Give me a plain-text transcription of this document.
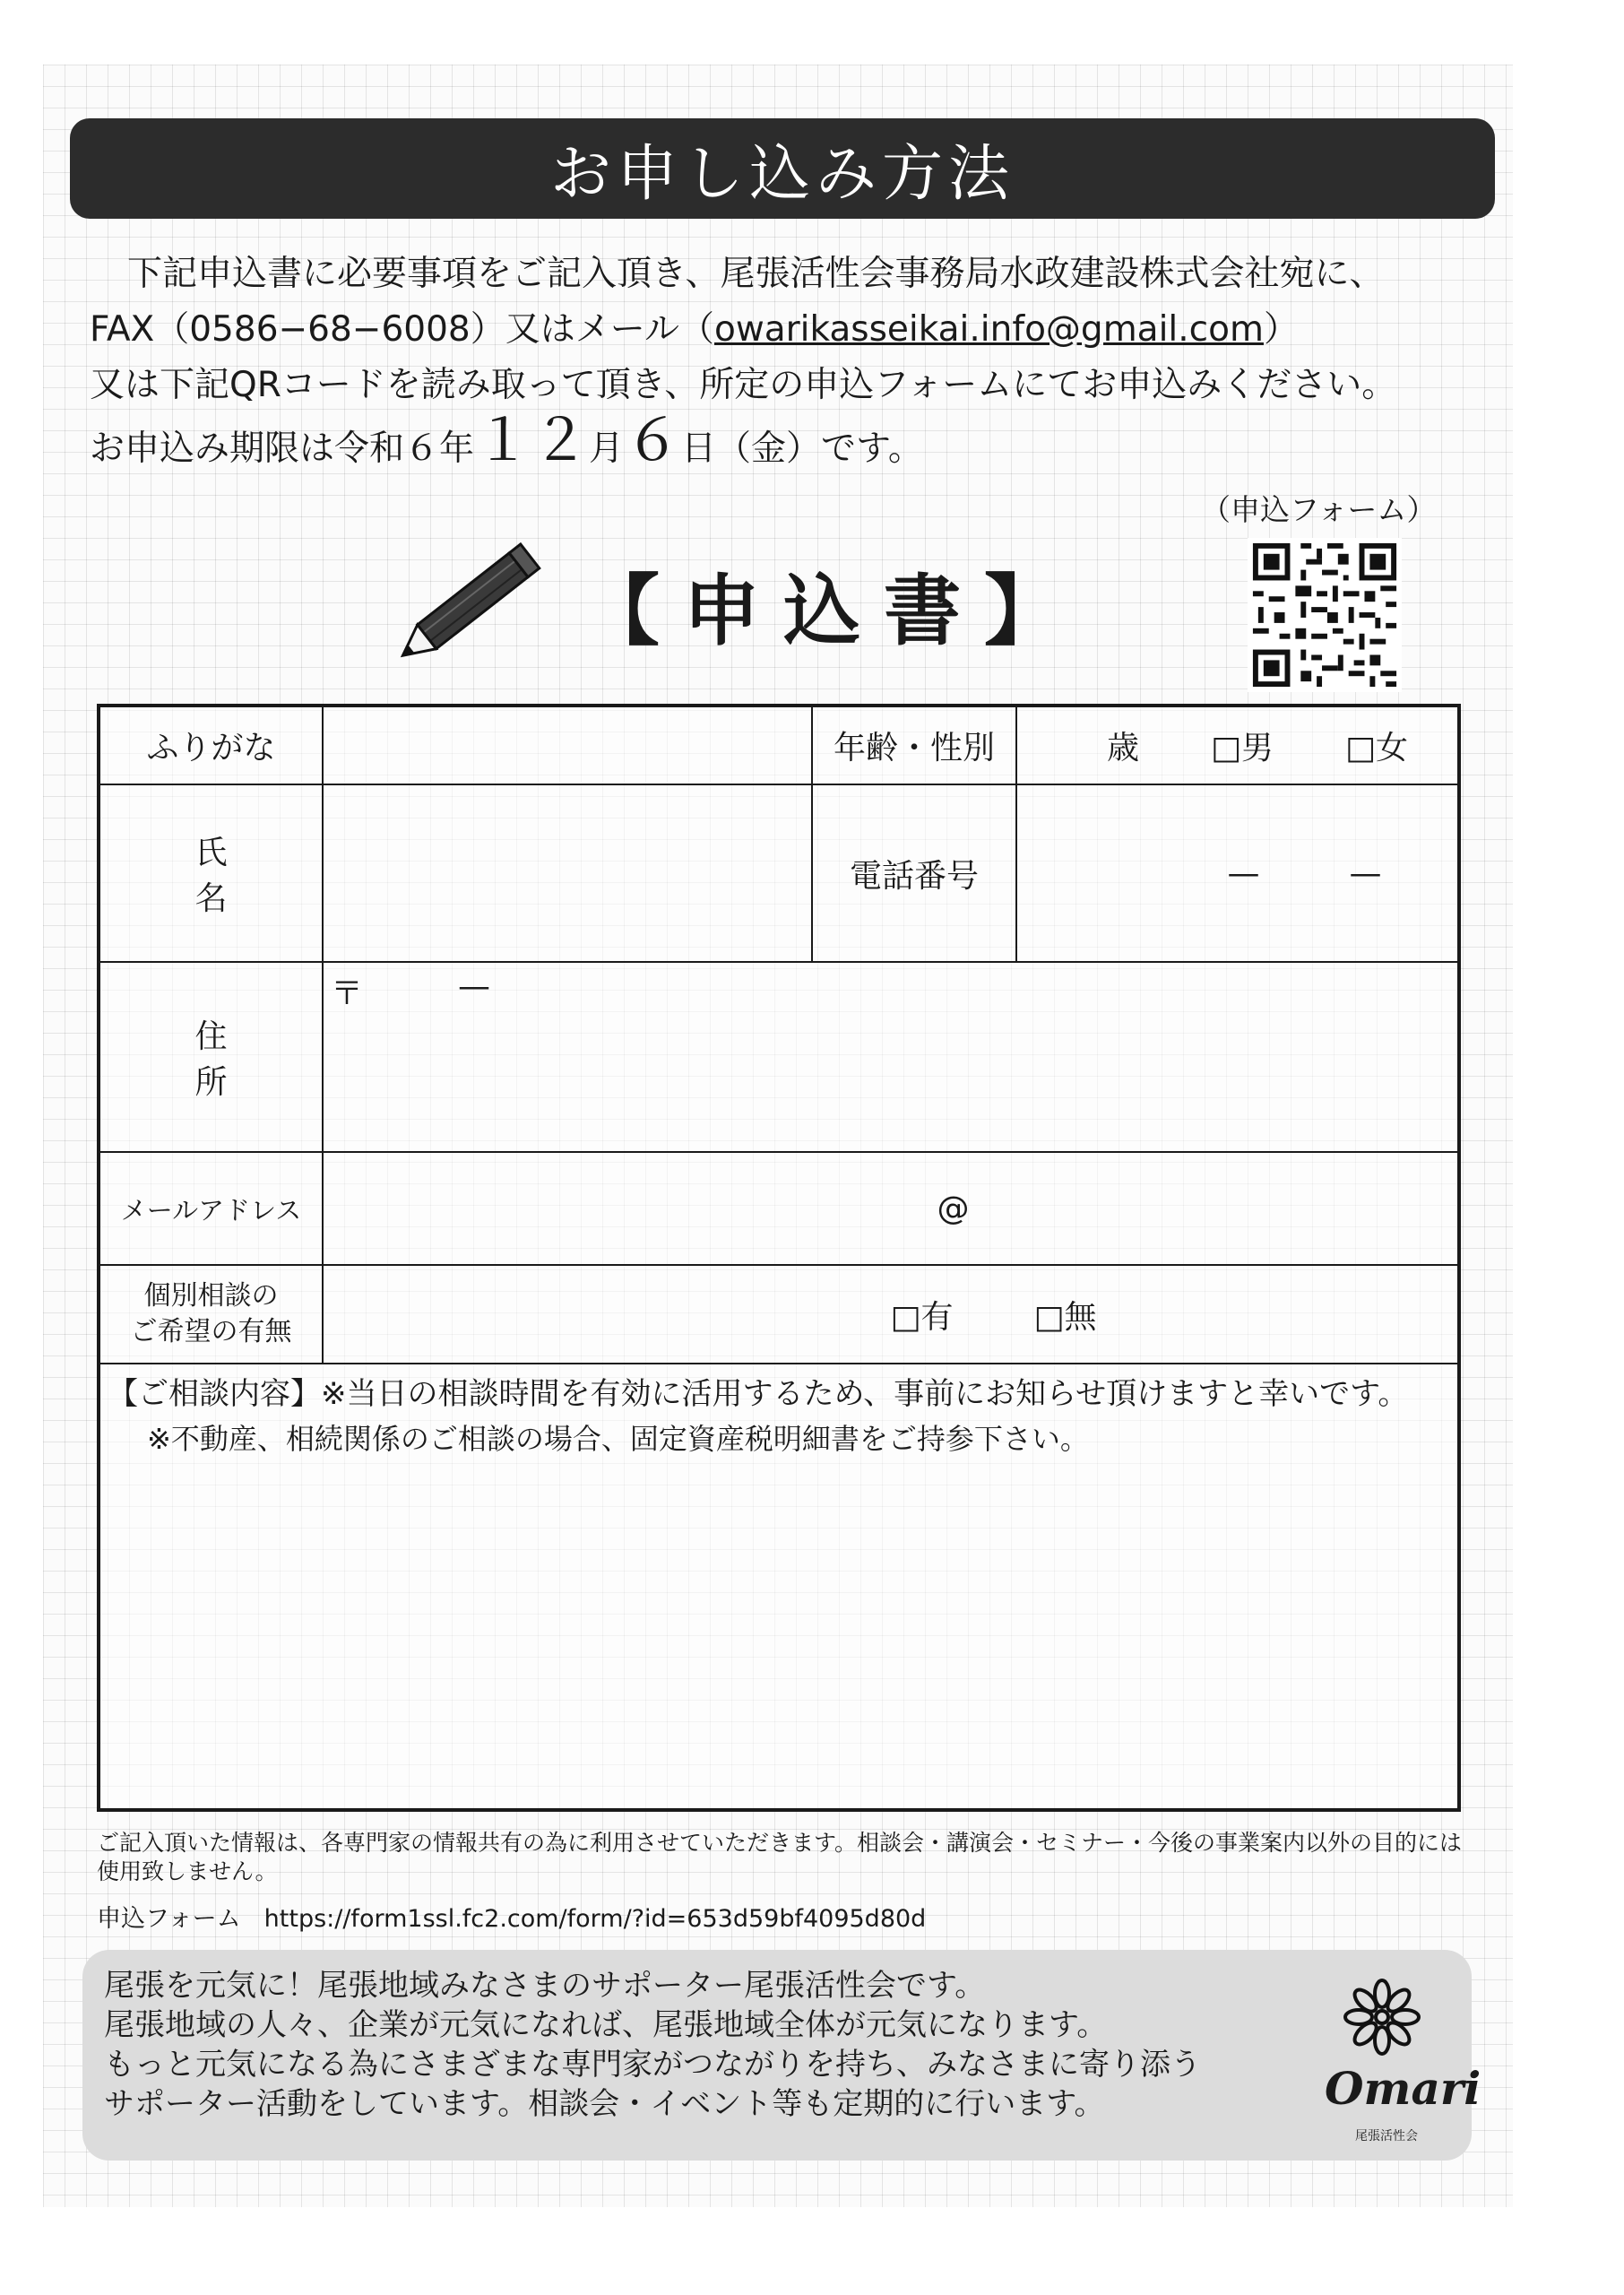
お申し込み方法
下記申込書に必要事項をご記入頂き、尾張活性会事務局水政建設株式会社宛に、
FAX（0586−68−6008）又はメール（owarikasseikai.info@gmail.com）
又は下記QRコードを読み取って頂き、所定の申込フォームにてお申込みください。
お申込み期限は令和６年１２月６日（金）です。
（申込フォーム）
【申込書】
ふりがな		年齢・性別	歳 □男 □女
氏名		電話番号	— —
住所	〒 —		

メールアドレス	@		
個別相談の
ご希望の有無	□有 □無		

【ご相談内容】※当日の相談時間を有効に活用するため、事前にお知らせ頂けますと幸いです。
※不動産、相続関係のご相談の場合、固定資産税明細書をご持参下さい。			
ご記入頂いた情報は、各専門家の情報共有の為に利用させていただきます。相談会・講演会・セミナー・今後の事業案内以外の目的には使用致しません。
申込フォーム https://form1ssl.fc2.com/form/?id=653d59bf4095d80d
尾張を元気に！尾張地域みなさまのサポーター尾張活性会です。
尾張地域の人々、企業が元気になれば、尾張地域全体が元気になります。
もっと元気になる為にさまざまな専門家がつながりを持ち、みなさまに寄り添う
サポーター活動をしています。相談会・イベント等も定期的に行います。	Omari
尾張活性会
